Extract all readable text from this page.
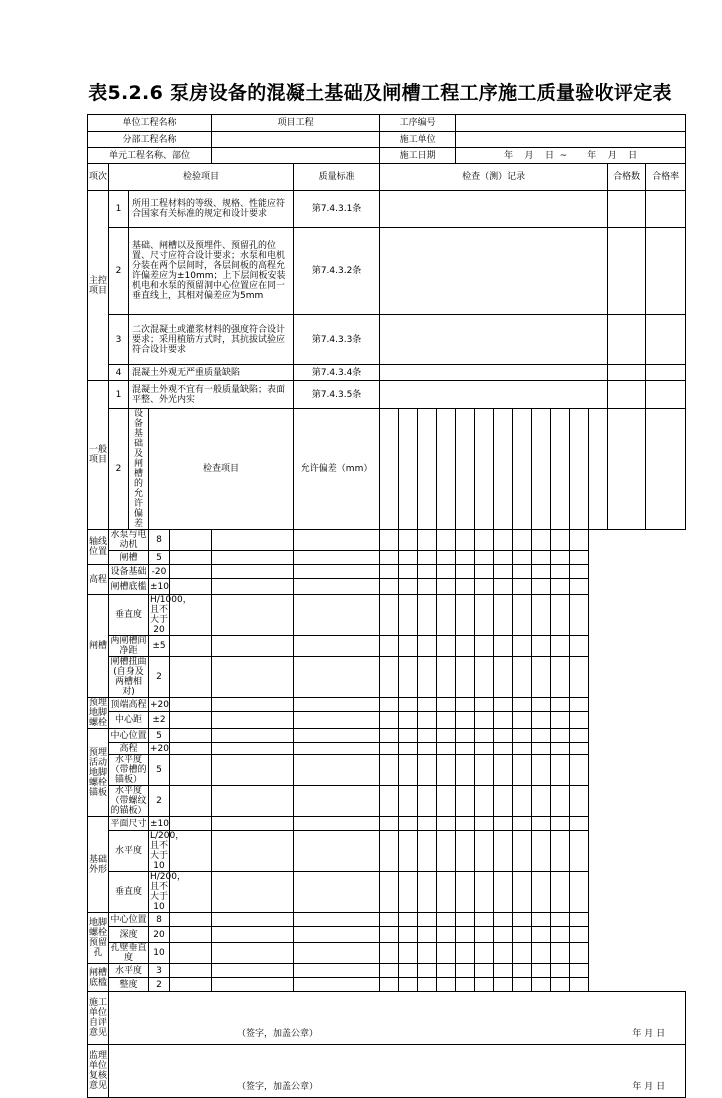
表5.2.6 泵房设备的混凝土基础及闸槽工程工序施工质量验收评定表
单位工程名称					项目工程		工序编号													
分部工程名称							施工单位													
单元工程名称、部位							施工日期				年    月    日  ~       年    月    日									
项次	检验项目					质量标准	检查（测）记录												合格数	合格率
主控项目	1	所用工程材料的等级、规格、性能应符合国家有关标准的规定和设计要求				第7.4.3.1条														
	2	基础、闸槽以及预埋件、预留孔的位置、尺寸应符合设计要求；水泵和电机分装在两个层间时，各层间板的高程允许偏差应为±10mm；上下层间板安装机电和水泵的预留洞中心位置应在同一垂直线上，其相对偏差应为5mm				第7.4.3.2条														
	3	二次混凝土或灌浆材料的强度符合设计要求；采用植筋方式时，其抗拔试验应符合设计要求				第7.4.3.3条														
	4	混凝土外观无严重质量缺陷				第7.4.3.4条														
一般项目	1	混凝土外观不宜有一般质量缺陷；表面平整、外光内实				第7.4.3.5条														
	2	设备基础及闸槽的允许偏差	检查项目			允许偏差（mm）														
轴线位置	水泵与电动机		8																	
	闸槽		5																	
高程	设备基础		-20																	
	闸槽底槛		±10																	
闸槽	垂直度		H/1000，且不大于20																	
	两闸槽间净距		±5																	
	闸槽扭曲(自身及两槽相对)		2																	
预埋地脚螺栓	顶端高程		+20																	
	中心距		±2																	
预埋活动地脚螺栓锚板	中心位置		5																	
	高程		+20																	
	水平度（带槽的锚板）		5																	
	水平度（带螺纹的锚板）		2																	
基础外形	平面尺寸		±10																	
	水平度		L/200，且不大于10																	
	垂直度		H/200，且不大于10																	
地脚螺栓预留孔	中心位置		8																	
	深度		20																	
	孔壁垂直度		10																	
闸槽底槛	水平度		3																	
	整度		2																	
施工单位自评意见	（签字，加盖公章） 年 月 日																			

监理单位复核意见	（签字，加盖公章） 年 月 日																			
